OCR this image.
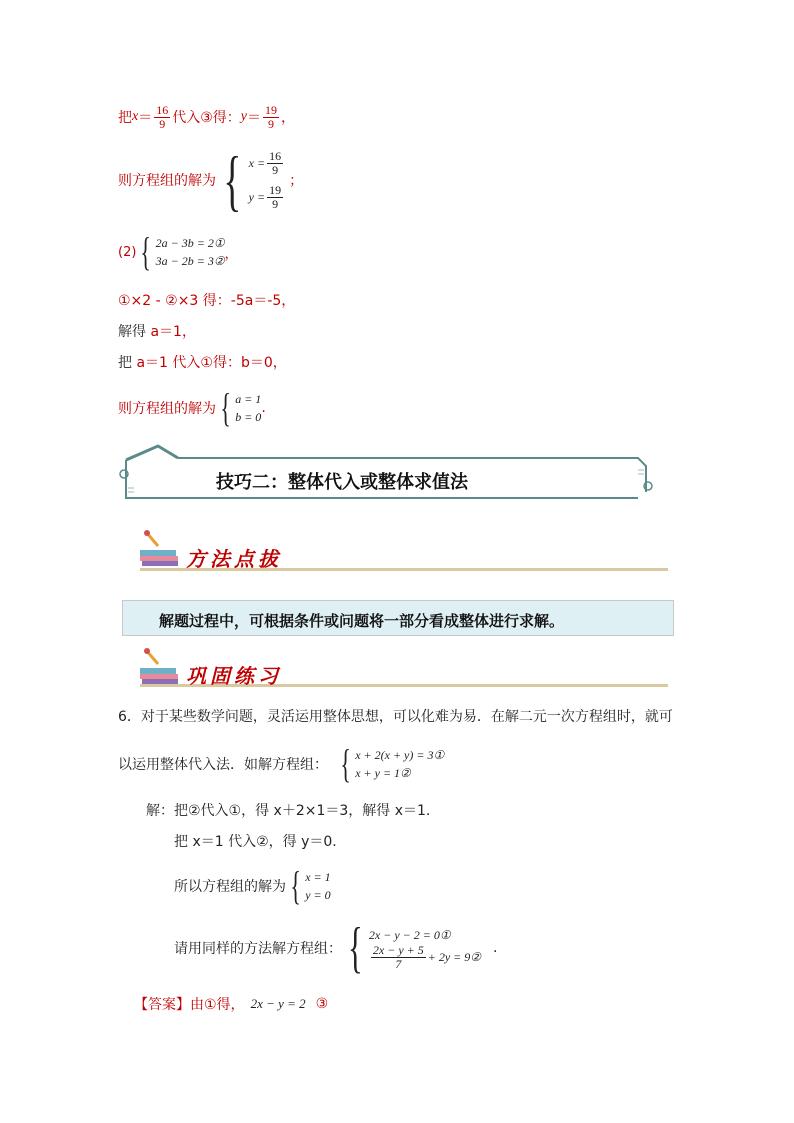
把 $x = \frac{16}{9}$ 代入③得： $y = \frac{19}{9}$ ，
则方程组的解为 { $x = \frac{16}{9}$
$y = \frac{19}{9}$
；
(2) { 2a − 3b = 2①
3a − 2b = 3② ，
①×2 - ②×3 得：-5a＝-5，
解得 a＝1，
把 a＝1 代入①得：b＝0，
则方程组的解为 { a = 1
b = 0
.
技巧二：整体代入或整体求值法
方法点拔
解题过程中，可根据条件或问题将一部分看成整体进行求解。
巩固练习
6．对于某些数学问题，灵活运用整体思想，可以化难为易．在解二元一次方程组时，就可
以运用整体代入法．如解方程组： { x + 2(x + y) = 3①
x + y = 1②
解：把②代入①，得 x＋2×1＝3，解得 x＝1.
把 x＝1 代入②，得 y＝0.
所以方程组的解为 { x = 1
y = 0
请用同样的方法解方程组： { 2x − y − 2 = 0①
$\frac{2x - y + 5}{7} + 2y$ = 9②
.
【答案】 由①得， 2x − y = 2 ③
